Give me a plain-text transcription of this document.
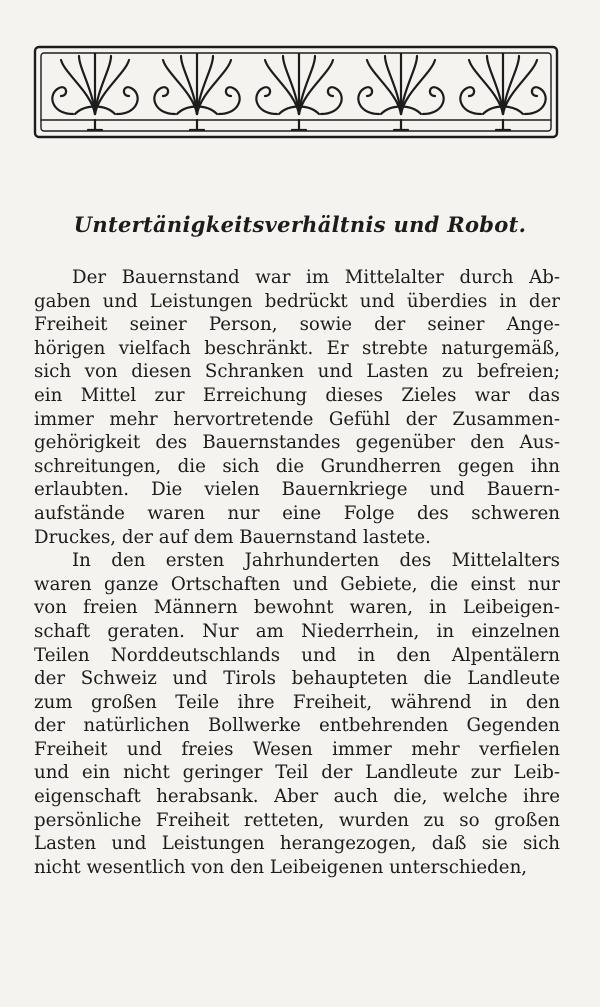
Untertänigkeitsverhältnis und Robot.
Der Bauernstand war im Mittelalter durch Ab-
gaben und Leistungen bedrückt und überdies in der
Freiheit seiner Person, sowie der seiner Ange-
hörigen vielfach beschränkt. Er strebte naturgemäß,
sich von diesen Schranken und Lasten zu befreien;
ein Mittel zur Erreichung dieses Zieles war das
immer mehr hervortretende Gefühl der Zusammen-
gehörigkeit des Bauernstandes gegenüber den Aus-
schreitungen, die sich die Grundherren gegen ihn
erlaubten. Die vielen Bauernkriege und Bauern-
aufstände waren nur eine Folge des schweren
Druckes, der auf dem Bauernstand lastete.
In den ersten Jahrhunderten des Mittelalters
waren ganze Ortschaften und Gebiete, die einst nur
von freien Männern bewohnt waren, in Leibeigen-
schaft geraten. Nur am Niederrhein, in einzelnen
Teilen Norddeutschlands und in den Alpentälern
der Schweiz und Tirols behaupteten die Landleute
zum großen Teile ihre Freiheit, während in den
der natürlichen Bollwerke entbehrenden Gegenden
Freiheit und freies Wesen immer mehr verfielen
und ein nicht geringer Teil der Landleute zur Leib-
eigenschaft herabsank. Aber auch die, welche ihre
persönliche Freiheit retteten, wurden zu so großen
Lasten und Leistungen herangezogen, daß sie sich
nicht wesentlich von den Leibeigenen unterschieden,
